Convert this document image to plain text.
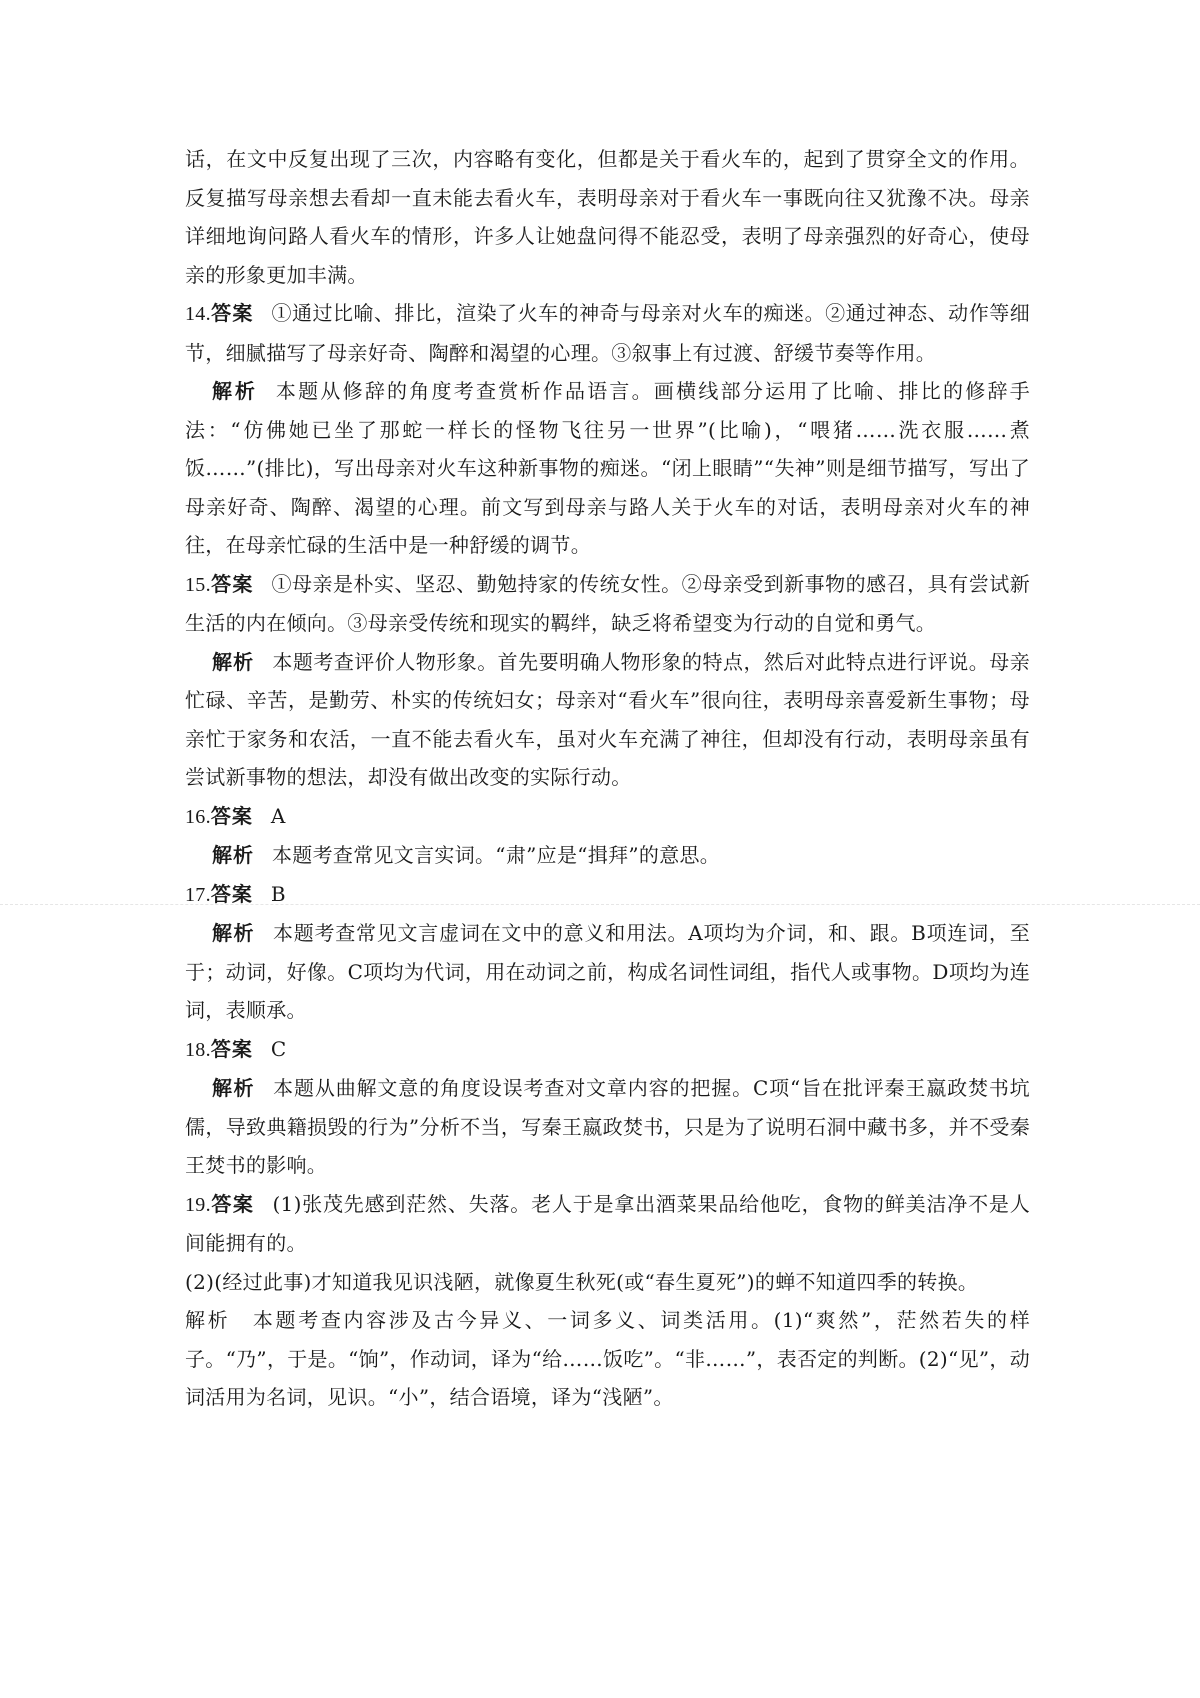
话，在文中反复出现了三次，内容略有变化，但都是关于看火车的，起到了贯穿全文的作用。反复描写母亲想去看却一直未能去看火车，表明母亲对于看火车一事既向往又犹豫不决。母亲详细地询问路人看火车的情形，许多人让她盘问得不能忍受，表明了母亲强烈的好奇心，使母亲的形象更加丰满。

14.答案 ①通过比喻、排比，渲染了火车的神奇与母亲对火车的痴迷。②通过神态、动作等细节，细腻描写了母亲好奇、陶醉和渴望的心理。③叙事上有过渡、舒缓节奏等作用。

解析 本题从修辞的角度考查赏析作品语言。画横线部分运用了比喻、排比的修辞手法：“仿佛她已坐了那蛇一样长的怪物飞往另一世界”(比喻)，“喂猪……洗衣服……煮饭……”(排比)，写出母亲对火车这种新事物的痴迷。“闭上眼睛”“失神”则是细节描写，写出了母亲好奇、陶醉、渴望的心理。前文写到母亲与路人关于火车的对话，表明母亲对火车的神往，在母亲忙碌的生活中是一种舒缓的调节。

15.答案 ①母亲是朴实、坚忍、勤勉持家的传统女性。②母亲受到新事物的感召，具有尝试新生活的内在倾向。③母亲受传统和现实的羁绊，缺乏将希望变为行动的自觉和勇气。

解析 本题考查评价人物形象。首先要明确人物形象的特点，然后对此特点进行评说。母亲忙碌、辛苦，是勤劳、朴实的传统妇女；母亲对“看火车”很向往，表明母亲喜爱新生事物；母亲忙于家务和农活，一直不能去看火车，虽对火车充满了神往，但却没有行动，表明母亲虽有尝试新事物的想法，却没有做出改变的实际行动。

16.答案 A

解析 本题考查常见文言实词。“肃”应是“揖拜”的意思。

17.答案 B

解析 本题考查常见文言虚词在文中的意义和用法。A项均为介词，和、跟。B项连词，至于；动词，好像。C项均为代词，用在动词之前，构成名词性词组，指代人或事物。D项均为连词，表顺承。

18.答案 C

解析 本题从曲解文意的角度设误考查对文章内容的把握。C项“旨在批评秦王嬴政焚书坑儒，导致典籍损毁的行为”分析不当，写秦王嬴政焚书，只是为了说明石洞中藏书多，并不受秦王焚书的影响。

19.答案 (1)张茂先感到茫然、失落。老人于是拿出酒菜果品给他吃，食物的鲜美洁净不是人间能拥有的。

(2)(经过此事)才知道我见识浅陋，就像夏生秋死(或“春生夏死”)的蝉不知道四季的转换。

解析　本题考查内容涉及古今异义、一词多义、词类活用。(1)“爽然”，茫然若失的样子。“乃”，于是。“饷”，作动词，译为“给……饭吃”。“非……”，表否定的判断。(2)“见”，动词活用为名词，见识。“小”，结合语境，译为“浅陋”。
